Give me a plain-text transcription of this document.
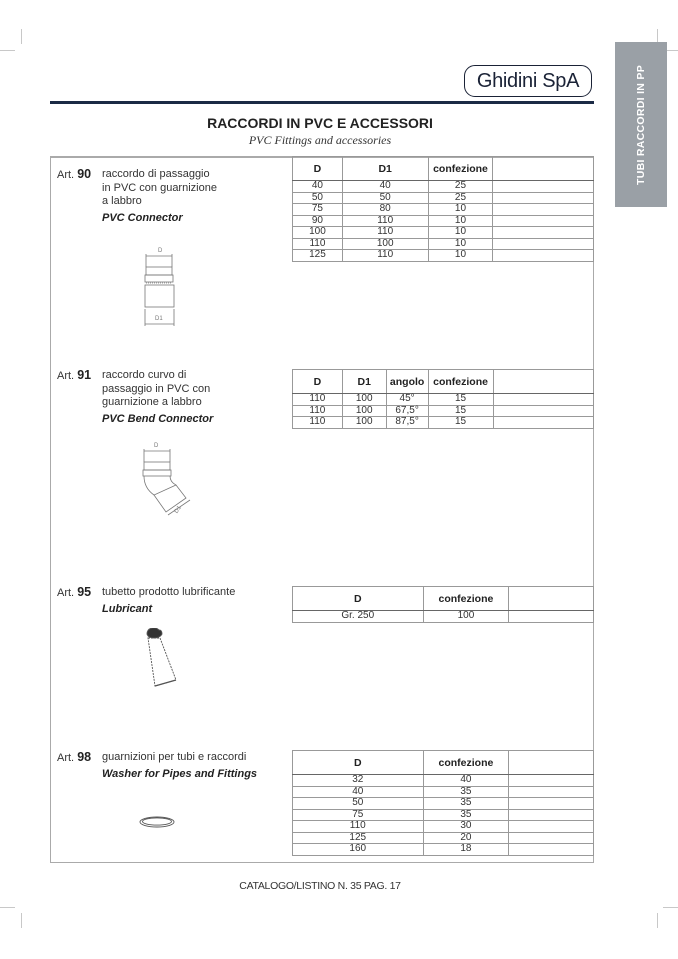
TUBI RACCORDI IN PP
Ghidini SpA
RACCORDI IN PVC E ACCESSORI
PVC Fittings and accessories
Art. 90 raccordo di passaggio
in PVC con guarnizione
a labbro
PVC Connector
D
D1
D	D1	confezione	
40	40	25	
50	50	25	
75	80	10	
90	110	10	
100	110	10	
110	100	10	
125	110	10	
Art. 91 raccordo curvo di
passaggio in PVC con
guarnizione a labbro
PVC Bend Connector
D
D1
D	D1	angolo	confezione	
110	100	45°	15	
110	100	67,5°	15	
110	100	87,5°	15	
Art. 95 tubetto prodotto lubrificante
Lubricant
D	confezione	
Gr. 250	100	
Art. 98 guarnizioni per tubi e raccordi
Washer for Pipes and Fittings
D	confezione	
32	40	
40	35	
50	35	
75	35	
110	30	
125	20	
160	18	
CATALOGO/LISTINO N. 35 PAG. 17
